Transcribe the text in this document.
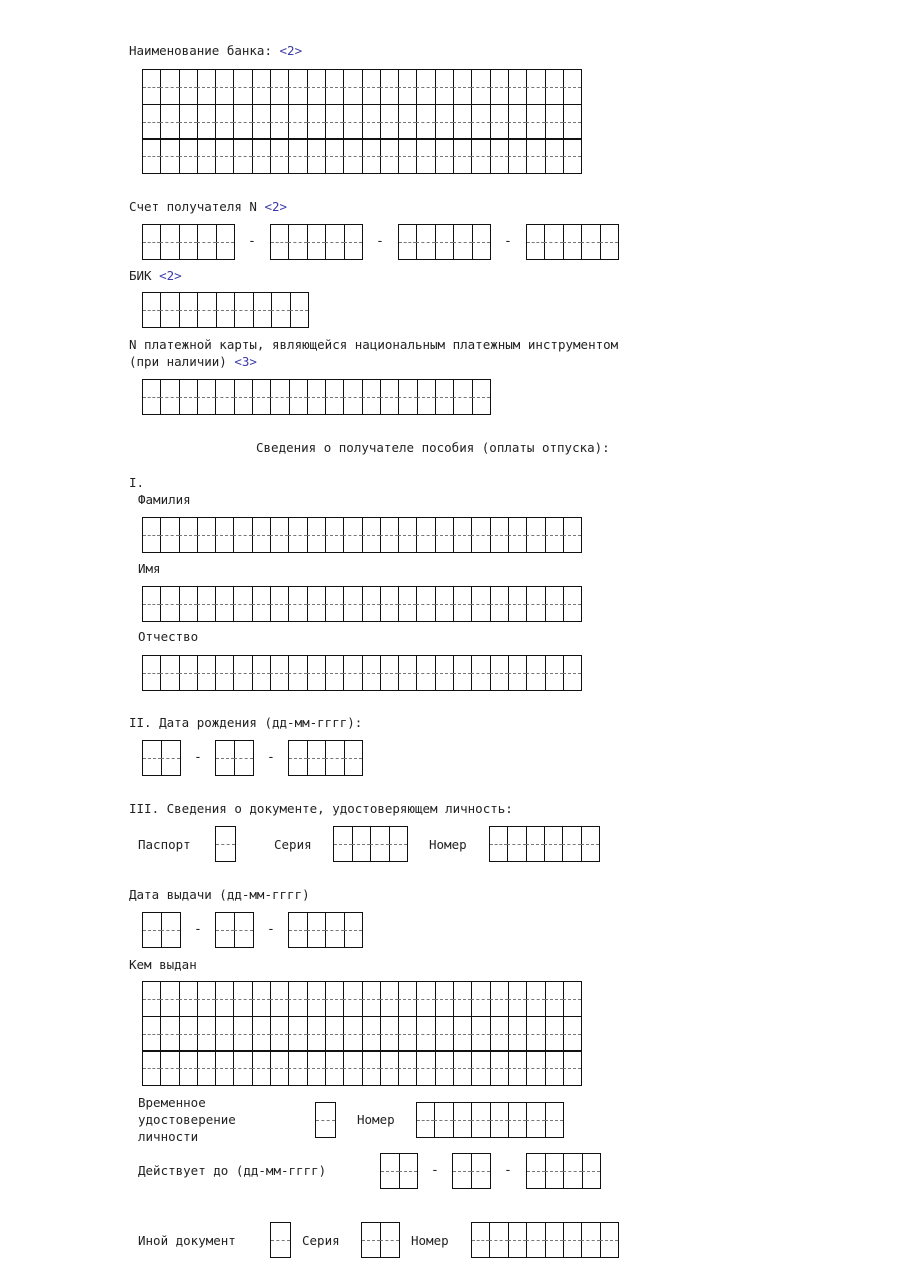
Наименование банка: <2>
Счет получателя N <2>
-	-	-
БИК <2>
N платежной карты, являющейся национальным платежным инструментом
(при наличии) <3>
Сведения о получателе пособия (оплаты отпуска):
I.
Фамилия
Имя
Отчество
II. Дата рождения (дд-мм-гггг):
-	-
III. Сведения о документе, удостоверяющем личность:
Паспорт	Серия	Номер
Дата выдачи (дд-мм-гггг)
-	-
Кем выдан
Временное
удостоверение
личности
Номер
Действует до (дд-мм-гггг)	-	-
Иной документ	Серия	Номер
